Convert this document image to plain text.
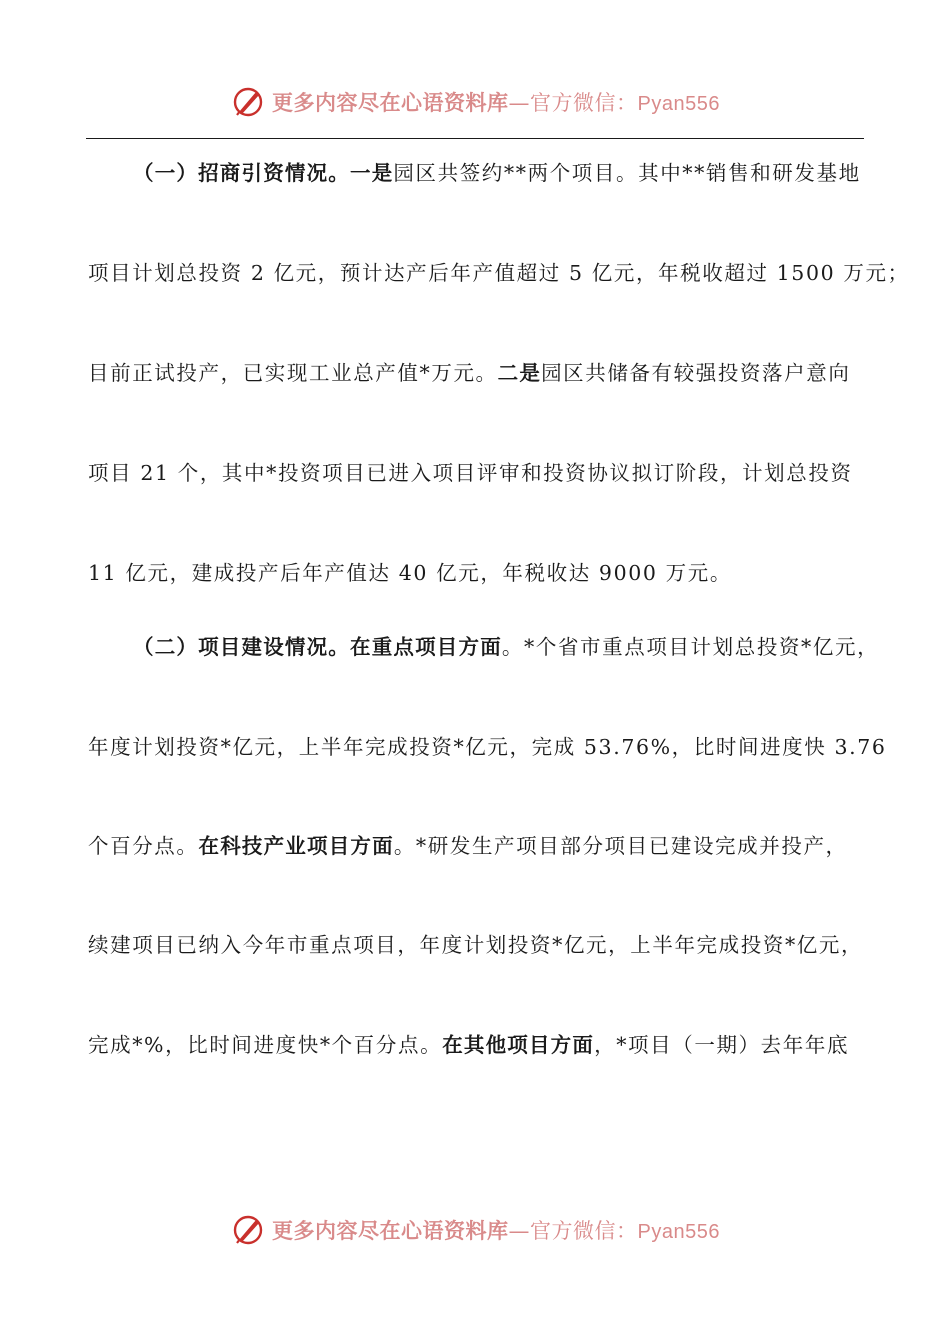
更多内容尽在心语资料库—官方微信：Pyan556
（一）招商引资情况。一是园区共签约**两个项目。其中**销售和研发基地
项目计划总投资 2 亿元，预计达产后年产值超过 5 亿元，年税收超过 1500 万元；
目前正试投产，已实现工业总产值*万元。二是园区共储备有较强投资落户意向
项目 21 个，其中*投资项目已进入项目评审和投资协议拟订阶段，计划总投资
11 亿元，建成投产后年产值达 40 亿元，年税收达 9000 万元。
（二）项目建设情况。在重点项目方面。*个省市重点项目计划总投资*亿元，
年度计划投资*亿元，上半年完成投资*亿元，完成 53.76%，比时间进度快 3.76
个百分点。在科技产业项目方面。*研发生产项目部分项目已建设完成并投产，
续建项目已纳入今年市重点项目，年度计划投资*亿元，上半年完成投资*亿元，
完成*%，比时间进度快*个百分点。在其他项目方面，*项目（一期）去年年底
更多内容尽在心语资料库—官方微信：Pyan556
